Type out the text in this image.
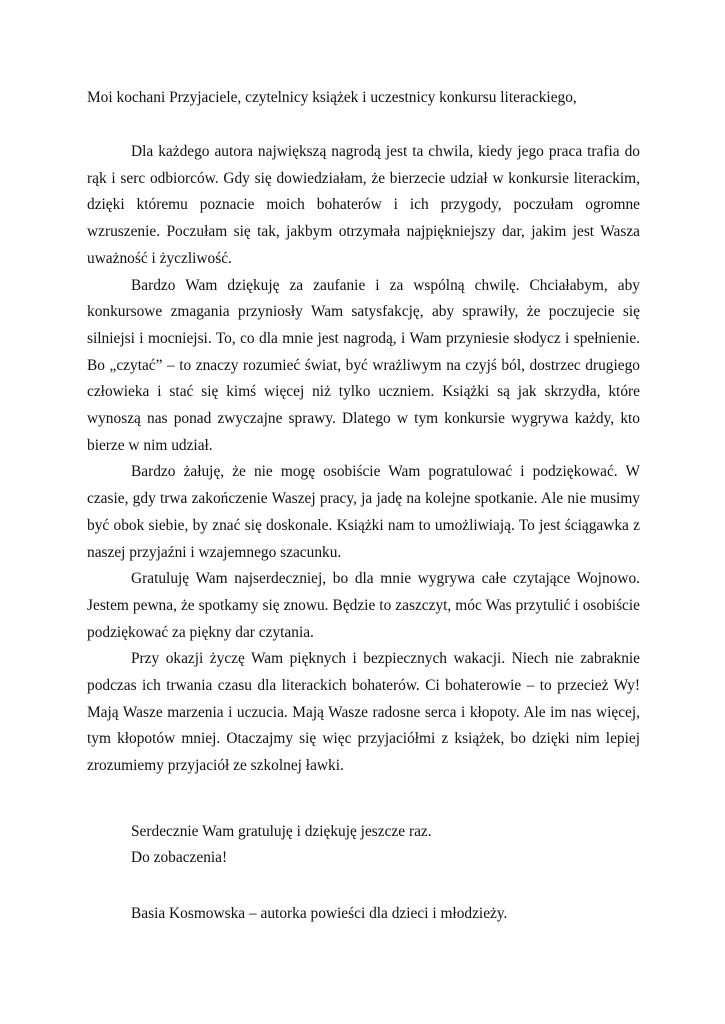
Moi kochani Przyjaciele, czytelnicy książek i uczestnicy konkursu literackiego,

Dla każdego autora największą nagrodą jest ta chwila, kiedy jego praca trafia do rąk i serc odbiorców. Gdy się dowiedziałam, że bierzecie udział w konkursie literackim, dzięki któremu poznacie moich bohaterów i ich przygody, poczułam ogromne wzruszenie. Poczułam się tak, jakbym otrzymała najpiękniejszy dar, jakim jest Wasza uważność i życzliwość.

Bardzo Wam dziękuję za zaufanie i za wspólną chwilę. Chciałabym, aby konkursowe zmagania przyniosły Wam satysfakcję, aby sprawiły, że poczujecie się silniejsi i mocniejsi. To, co dla mnie jest nagrodą, i Wam przyniesie słodycz i spełnienie. Bo „czytać” – to znaczy rozumieć świat, być wrażliwym na czyjś ból, dostrzec drugiego człowieka i stać się kimś więcej niż tylko uczniem. Książki są jak skrzydła, które wynoszą nas ponad zwyczajne sprawy. Dlatego w tym konkursie wygrywa każdy, kto bierze w nim udział.

Bardzo żałuję, że nie mogę osobiście Wam pogratulować i podziękować. W czasie, gdy trwa zakończenie Waszej pracy, ja jadę na kolejne spotkanie. Ale nie musimy być obok siebie, by znać się doskonale. Książki nam to umożliwiają. To jest ściągawka z naszej przyjaźni i wzajemnego szacunku.

Gratuluję Wam najserdeczniej, bo dla mnie wygrywa całe czytające Wojnowo. Jestem pewna, że spotkamy się znowu. Będzie to zaszczyt, móc Was przytulić i osobiście podziękować za piękny dar czytania.

Przy okazji życzę Wam pięknych i bezpiecznych wakacji. Niech nie zabraknie podczas ich trwania czasu dla literackich bohaterów. Ci bohaterowie – to przecież Wy! Mają Wasze marzenia i uczucia. Mają Wasze radosne serca i kłopoty. Ale im nas więcej, tym kłopotów mniej. Otaczajmy się więc przyjaciółmi z książek, bo dzięki nim lepiej zrozumiemy przyjaciół ze szkolnej ławki.

Serdecznie Wam gratuluję i dziękuję jeszcze raz.

Do zobaczenia!

Basia Kosmowska – autorka powieści dla dzieci i młodzieży.
